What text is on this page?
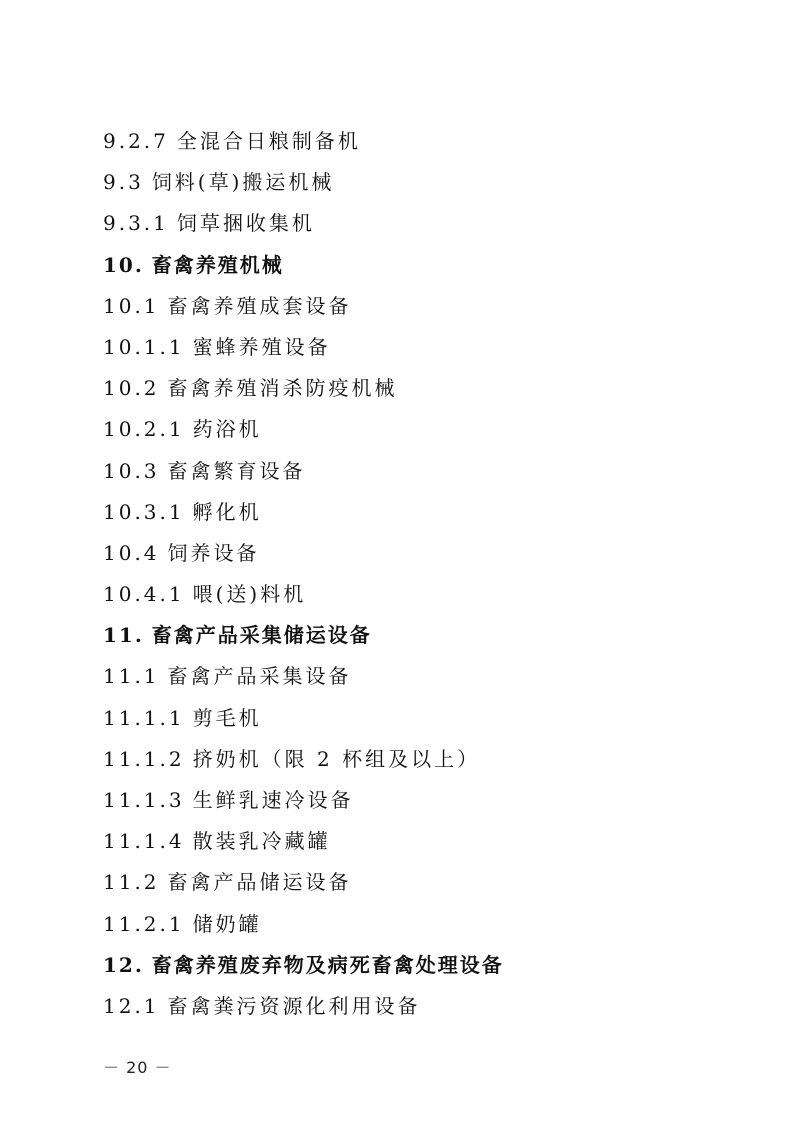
9.2.7 全混合日粮制备机
9.3 饲料(草)搬运机械
9.3.1 饲草捆收集机
10. 畜禽养殖机械
10.1 畜禽养殖成套设备
10.1.1 蜜蜂养殖设备
10.2 畜禽养殖消杀防疫机械
10.2.1 药浴机
10.3 畜禽繁育设备
10.3.1 孵化机
10.4 饲养设备
10.4.1 喂(送)料机
11. 畜禽产品采集储运设备
11.1 畜禽产品采集设备
11.1.1 剪毛机
11.1.2 挤奶机（限 2 杯组及以上）
11.1.3 生鲜乳速冷设备
11.1.4 散装乳冷藏罐
11.2 畜禽产品储运设备
11.2.1 储奶罐
12. 畜禽养殖废弃物及病死畜禽处理设备
12.1 畜禽粪污资源化利用设备
－ 20 －
